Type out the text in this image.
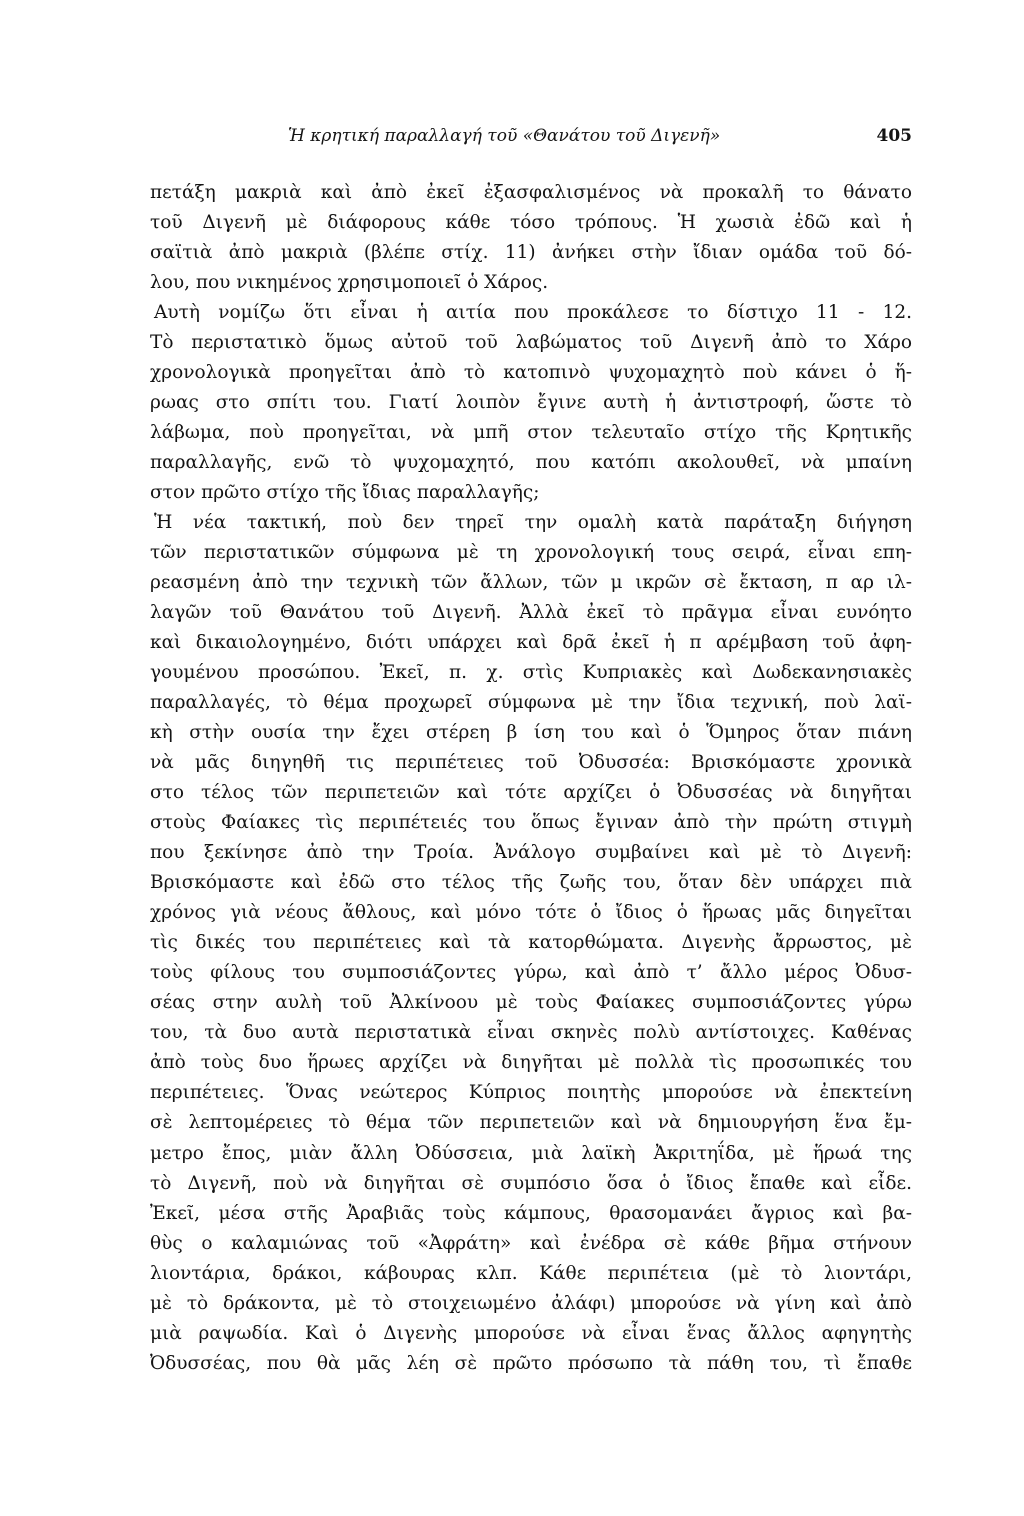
Ἡ κρητική παραλλαγή τοῦ «Θανάτου τοῦ Διγενῆ»	405
πετάξη μακριὰ καὶ ἀπὸ ἐκεῖ ἐξασφαλισμένος νὰ προκαλῆ το θάνατο
τοῦ Διγενῆ μὲ διάφορους κάθε τόσο τρόπους. Ἡ χωσιὰ ἐδῶ καὶ ἡ
σαϊτιὰ ἀπὸ μακριὰ (βλέπε στίχ. 11) ἀνήκει στὴν ἴδιαν ομάδα τοῦ δό-
λου, που νικημένος χρησιμοποιεῖ ὁ Χάρος.
Αυτὴ νομίζω ὅτι εἶναι ἡ αιτία που προκάλεσε το δίστιχο 11 - 12.
Τὸ περιστατικὸ ὅμως αὐτοῦ τοῦ λαβώματος τοῦ Διγενῆ ἀπὸ το Χάρο
χρονολογικὰ προηγεῖται ἀπὸ τὸ κατοπινὸ ψυχομαχητὸ ποὺ κάνει ὁ ἥ-
ρωας στο σπίτι του. Γιατί λοιπὸν ἔγινε αυτὴ ἡ ἀντιστροφή, ὥστε τὸ
λάβωμα, ποὺ προηγεῖται, νὰ μπῆ στον τελευταῖο στίχο τῆς Κρητικῆς
παραλλαγῆς, ενῶ τὸ ψυχομαχητό, που κατόπι ακολουθεῖ, νὰ μπαίνη
στον πρῶτο στίχο τῆς ἴδιας παραλλαγῆς;
Ἡ νέα τακτική, ποὺ δεν τηρεῖ την ομαλὴ κατὰ παράταξη διήγηση
τῶν περιστατικῶν σύμφωνα μὲ τη χρονολογική τους σειρά, εἶναι επη-
ρεασμένη ἀπὸ την τεχνικὴ τῶν ἄλλων, τῶν μ ικρῶν σὲ ἔκταση, π αρ ιλ-
λαγῶν τοῦ Θανάτου τοῦ Διγενῆ. Ἀλλὰ ἐκεῖ τὸ πρᾶγμα εἶναι ευνόητο
καὶ δικαιολογημένο, διότι υπάρχει καὶ δρᾶ ἐκεῖ ἡ π αρέμβαση τοῦ ἀφη-
γουμένου προσώπου. Ἐκεῖ, π. χ. στὶς Κυπριακὲς καὶ Δωδεκανησιακὲς
παραλλαγές, τὸ θέμα προχωρεῖ σύμφωνα μὲ την ἴδια τεχνική, ποὺ λαϊ-
κὴ στὴν ουσία την ἔχει στέρεη β ίση του καὶ ὁ Ὅμηρος ὅταν πιάνη
νὰ μᾶς διηγηθῆ τις περιπέτειες τοῦ Ὀδυσσέα: Βρισκόμαστε χρονικὰ
στο τέλος τῶν περιπετειῶν καὶ τότε αρχίζει ὁ Ὀδυσσέας νὰ διηγῆται
στοὺς Φαίακες τὶς περιπέτειές του ὅπως ἔγιναν ἀπὸ τὴν πρώτη στιγμὴ
που ξεκίνησε ἀπὸ την Τροία. Ἀνάλογο συμβαίνει καὶ μὲ τὸ Διγενῆ:
Βρισκόμαστε καὶ ἐδῶ στο τέλος τῆς ζωῆς του, ὅταν δὲν υπάρχει πιὰ
χρόνος γιὰ νέους ἄθλους, καὶ μόνο τότε ὁ ἴδιος ὁ ἥρωας μᾶς διηγεῖται
τὶς δικές του περιπέτειες καὶ τὰ κατορθώματα. Διγενὴς ἄρρωστος, μὲ
τοὺς φίλους του συμποσιάζοντες γύρω, καὶ ἀπὸ τ’ ἄλλο μέρος Ὀδυσ-
σέας στην αυλὴ τοῦ Ἀλκίνοου μὲ τοὺς Φαίακες συμποσιάζοντες γύρω
του, τὰ δυο αυτὰ περιστατικὰ εἶναι σκηνὲς πολὺ αντίστοιχες. Καθένας
ἀπὸ τοὺς δυο ἥρωες αρχίζει νὰ διηγῆται μὲ πολλὰ τὶς προσωπικές του
περιπέτειες. Ὅνας νεώτερος Κύπριος ποιητὴς μπορούσε νὰ ἐπεκτείνη
σὲ λεπτομέρειες τὸ θέμα τῶν περιπετειῶν καὶ νὰ δημιουργήση ἕνα ἔμ-
μετρο ἔπος, μιὰν ἄλλη Ὀδύσσεια, μιὰ λαϊκὴ Ἀκριτηΐδα, μὲ ἥρωά της
τὸ Διγενῆ, ποὺ νὰ διηγῆται σὲ συμπόσιο ὅσα ὁ ἴδιος ἔπαθε καὶ εἶδε.
Ἐκεῖ, μέσα στῆς Ἀραβιᾶς τοὺς κάμπους, θρασομανάει ἄγριος καὶ βα-
θὺς ο καλαμιώνας τοῦ «Ἀφράτη» καὶ ἐνέδρα σὲ κάθε βῆμα στήνουν
λιοντάρια, δράκοι, κάβουρας κλπ. Κάθε περιπέτεια (μὲ τὸ λιοντάρι,
μὲ τὸ δράκοντα, μὲ τὸ στοιχειωμένο ἀλάφι) μπορούσε νὰ γίνη καὶ ἀπὸ
μιὰ ραψωδία. Καὶ ὁ Διγενὴς μπορούσε νὰ εἶναι ἕνας ἄλλος αφηγητὴς
Ὀδυσσέας, που θὰ μᾶς λέη σὲ πρῶτο πρόσωπο τὰ πάθη του, τὶ ἔπαθε
